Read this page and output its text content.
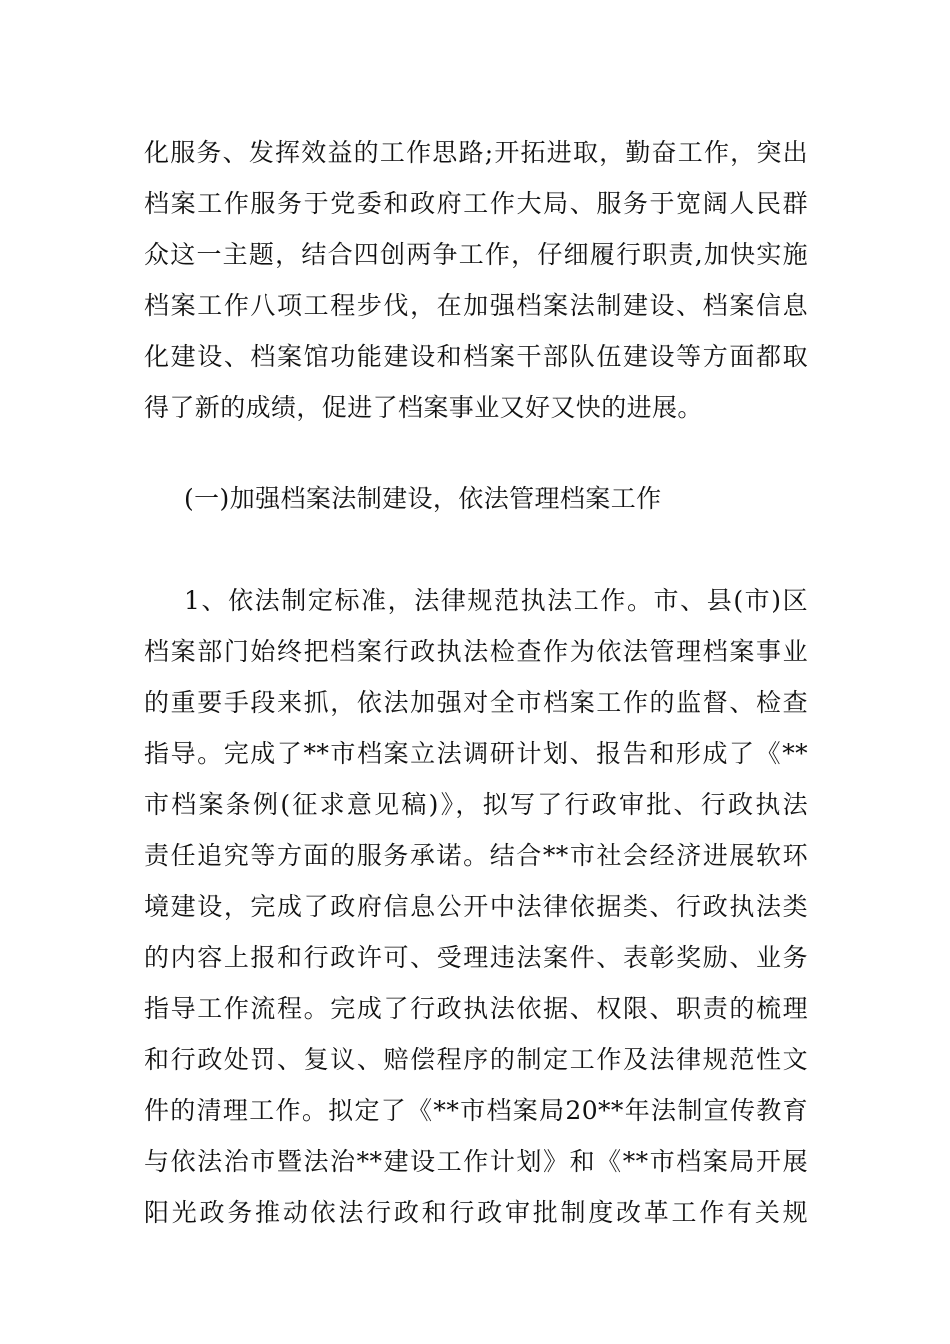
化服务、发挥效益的工作思路;开拓进取，勤奋工作，突出
档案工作服务于党委和政府工作大局、服务于宽阔人民群
众这一主题，结合四创两争工作，仔细履行职责,加快实施
档案工作八项工程步伐，在加强档案法制建设、档案信息
化建设、档案馆功能建设和档案干部队伍建设等方面都取
得了新的成绩，促进了档案事业又好又快的进展。

(一)加强档案法制建设，依法管理档案工作

1、依法制定标准，法律规范执法工作。市、县(市)区
档案部门始终把档案行政执法检查作为依法管理档案事业
的重要手段来抓，依法加强对全市档案工作的监督、检查
指导。完成了**市档案立法调研计划、报告和形成了《**
市档案条例(征求意见稿)》，拟写了行政审批、行政执法
责任追究等方面的服务承诺。结合**市社会经济进展软环
境建设，完成了政府信息公开中法律依据类、行政执法类
的内容上报和行政许可、受理违法案件、表彰奖励、业务
指导工作流程。完成了行政执法依据、权限、职责的梳理
和行政处罚、复议、赔偿程序的制定工作及法律规范性文
件的清理工作。拟定了《**市档案局20**年法制宣传教育
与依法治市暨法治**建设工作计划》和《**市档案局开展
阳光政务推动依法行政和行政审批制度改革工作有关规
